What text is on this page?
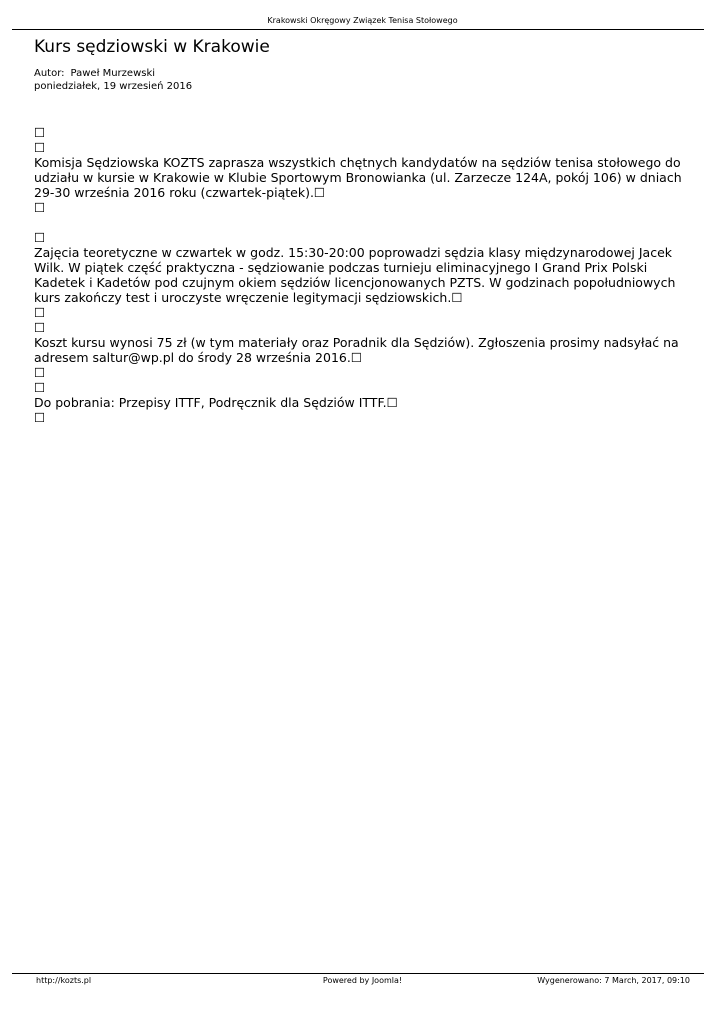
Krakowski Okręgowy Związek Tenisa Stołowego
Kurs sędziowski w Krakowie
Autor: Paweł Murzewski
poniedziałek, 19 wrzesień 2016
☐
☐

Komisja Sędziowska KOZTS zaprasza wszystkich chętnych kandydatów na sędziów tenisa stołowego do udziału w kursie w Krakowie w Klubie Sportowym Bronowianka (ul. Zarzecze 124A, pokój 106) w dniach 29-30 września 2016 roku (czwartek-piątek).☐

☐
☐

Zajęcia teoretyczne w czwartek w godz. 15:30-20:00 poprowadzi sędzia klasy międzynarodowej Jacek Wilk. W piątek część praktyczna - sędziowanie podczas turnieju eliminacyjnego I Grand Prix Polski Kadetek i Kadetów pod czujnym okiem sędziów licencjonowanych PZTS. W godzinach popołudniowych kurs zakończy test i uroczyste wręczenie legitymacji sędziowskich.☐

☐
☐

Koszt kursu wynosi 75 zł (w tym materiały oraz Poradnik dla Sędziów). Zgłoszenia prosimy nadsyłać na adresem saltur@wp.pl do środy 28 września 2016.☐

☐
☐

Do pobrania: Przepisy ITTF, Podręcznik dla Sędziów ITTF.☐

☐
http://kozts.pl	Powered by Joomla!	Wygenerowano: 7 March, 2017, 09:10
